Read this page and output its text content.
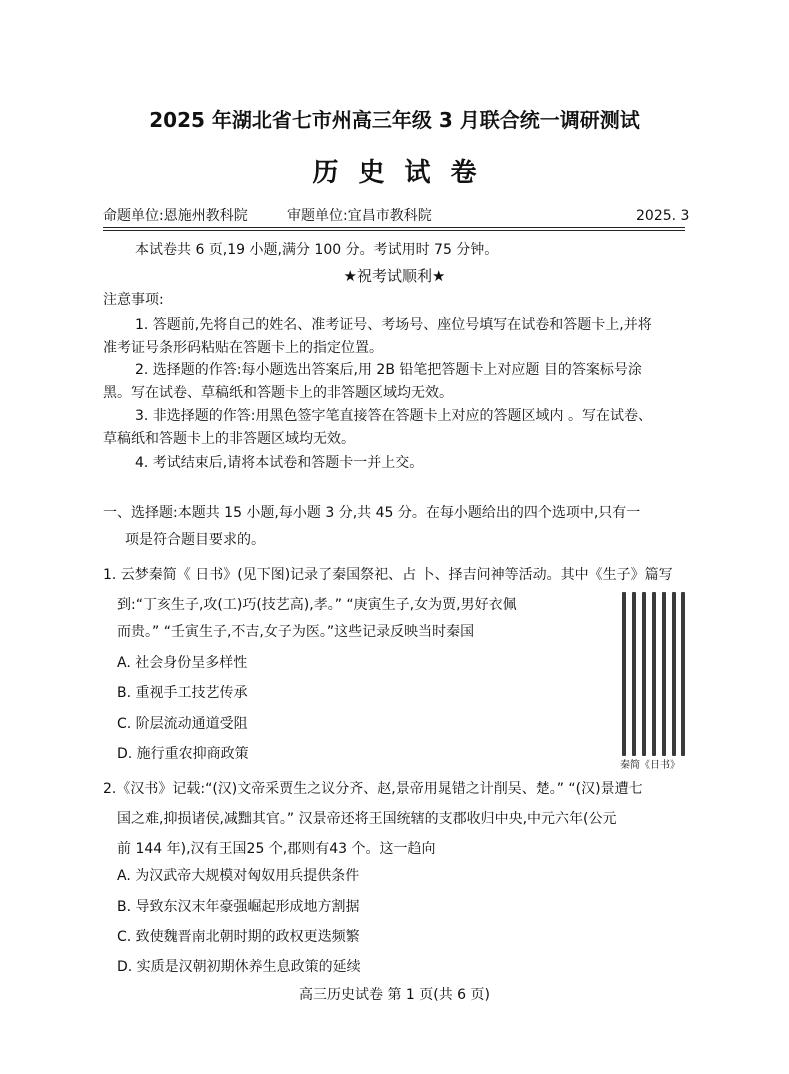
2025 年湖北省七市州高三年级 3 月联合统一调研测试
历史试卷
命题单位:恩施州教科院	审题单位:宜昌市教科院	2025. 3
本试卷共 6 页,19 小题,满分 100 分。考试用时 75 分钟。
★祝考试顺利★
注意事项:
1. 答题前,先将自己的姓名、准考证号、考场号、座位号填写在试卷和答题卡上,并将
准考证号条形码粘贴在答题卡上的指定位置。
2. 选择题的作答:每小题选出答案后,用 2B 铅笔把答题卡上对应题 目的答案标号涂
黑。写在试卷、草稿纸和答题卡上的非答题区域均无效。
3. 非选择题的作答:用黑色签字笔直接答在答题卡上对应的答题区域内 。写在试卷、
草稿纸和答题卡上的非答题区域均无效。
4. 考试结束后,请将本试卷和答题卡一并上交。
一、选择题:本题共 15 小题,每小题 3 分,共 45 分。在每小题给出的四个选项中,只有一
项是符合题目要求的。
1. 云梦秦简《 日书》(见下图)记录了秦国祭祀、占 卜、择吉问神等活动。其中《生子》篇写
到:“丁亥生子,攻(工)巧(技艺高),孝。” “庚寅生子,女为贾,男好衣佩
而贵。” “壬寅生子,不吉,女子为医。”这些记录反映当时秦国
A. 社会身份呈多样性
B. 重视手工技艺传承
C. 阶层流动通道受阻
D. 施行重农抑商政策
秦简《日书》
2.《汉书》记载:“(汉)文帝采贾生之议分齐、赵,景帝用晁错之计削吴、楚。” “(汉)景遭七
国之难,抑损诸侯,减黜其官。” 汉景帝还将王国统辖的支郡收归中央,中元六年(公元
前 144 年),汉有王国25 个,郡则有43 个。这一趋向
A. 为汉武帝大规模对匈奴用兵提供条件
B. 导致东汉末年豪强崛起形成地方割据
C. 致使魏晋南北朝时期的政权更迭频繁
D. 实质是汉朝初期休养生息政策的延续
高三历史试卷 第 1 页(共 6 页)
